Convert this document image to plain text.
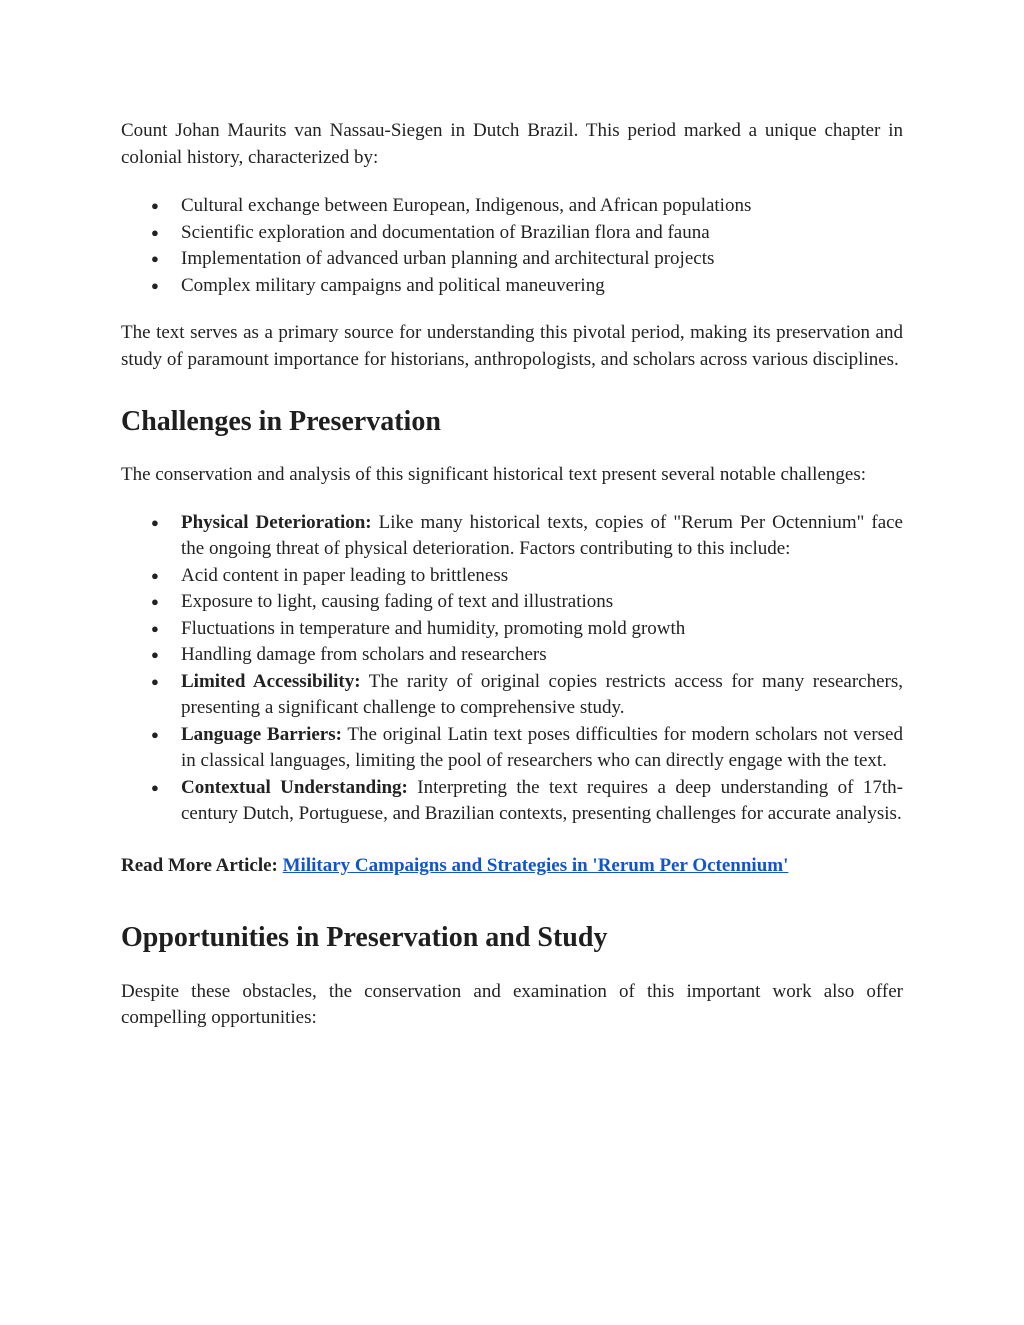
Count Johan Maurits van Nassau-Siegen in Dutch Brazil. This period marked a unique chapter in colonial history, characterized by:

● Cultural exchange between European, Indigenous, and African populations
● Scientific exploration and documentation of Brazilian flora and fauna
● Implementation of advanced urban planning and architectural projects
● Complex military campaigns and political maneuvering

The text serves as a primary source for understanding this pivotal period, making its preservation and study of paramount importance for historians, anthropologists, and scholars across various disciplines.

Challenges in Preservation

The conservation and analysis of this significant historical text present several notable challenges:

● Physical Deterioration: Like many historical texts, copies of "Rerum Per Octennium" face the ongoing threat of physical deterioration. Factors contributing to this include:
● Acid content in paper leading to brittleness
● Exposure to light, causing fading of text and illustrations
● Fluctuations in temperature and humidity, promoting mold growth
● Handling damage from scholars and researchers
● Limited Accessibility: The rarity of original copies restricts access for many researchers, presenting a significant challenge to comprehensive study.
● Language Barriers: The original Latin text poses difficulties for modern scholars not versed in classical languages, limiting the pool of researchers who can directly engage with the text.
● Contextual Understanding: Interpreting the text requires a deep understanding of 17th-century Dutch, Portuguese, and Brazilian contexts, presenting challenges for accurate analysis.

Read More Article: Military Campaigns and Strategies in 'Rerum Per Octennium'

Opportunities in Preservation and Study

Despite these obstacles, the conservation and examination of this important work also offer compelling opportunities:
